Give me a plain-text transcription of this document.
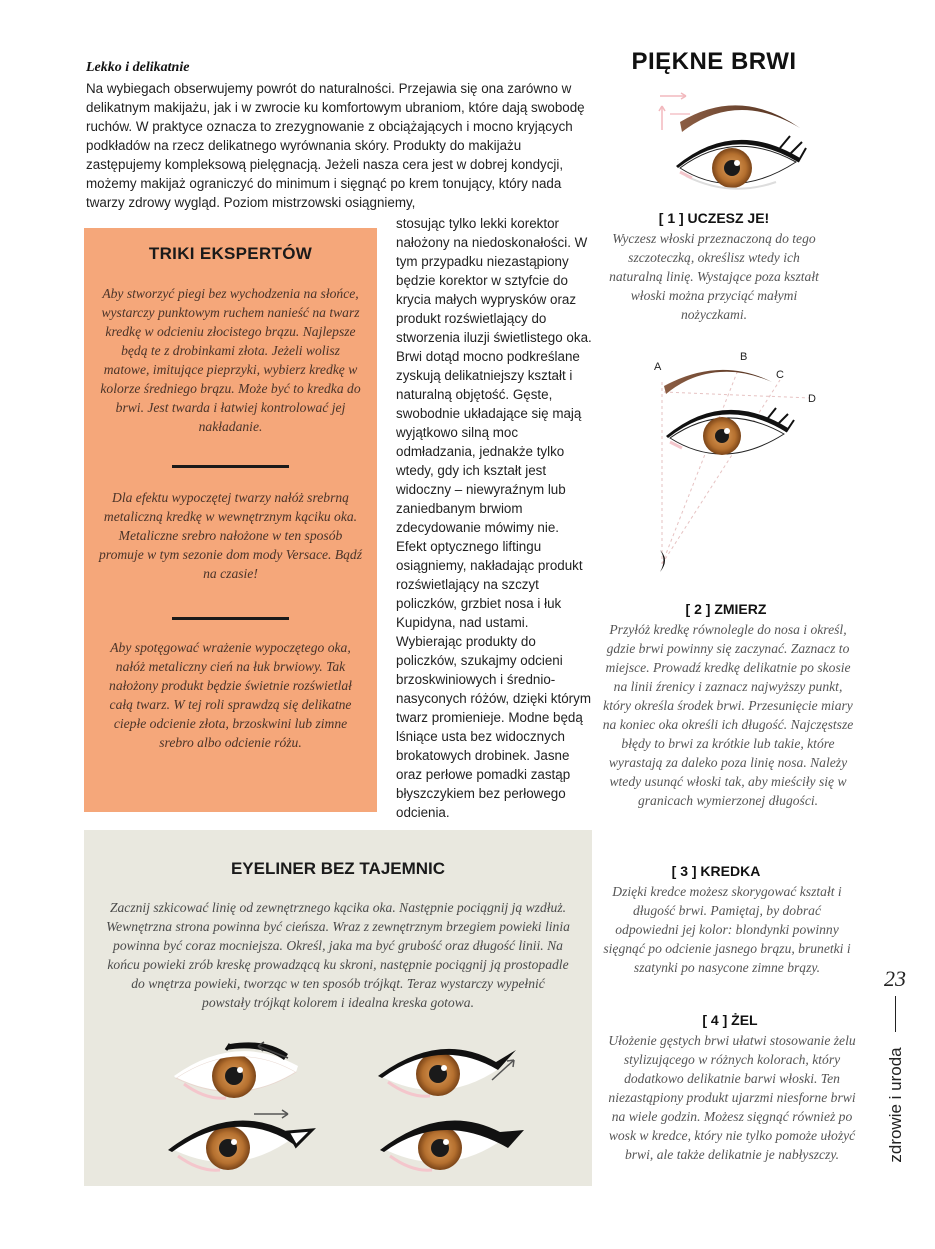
Lekko i delikatnie
Na wybiegach obserwujemy powrót do naturalności. Przejawia się ona zarówno w delikatnym makijażu, jak i w zwrocie ku komfortowym ubraniom, które dają swobodę ruchów. W praktyce oznacza to zrezygnowanie z obciążających i mocno kryjących podkładów na rzecz delikatnego wyrównania skóry. Produkty do makijażu zastępujemy kompleksową pielęgnacją. Jeżeli nasza cera jest w dobrej kondycji, możemy makijaż ograniczyć do minimum i sięgnąć po krem tonujący, który nada twarzy zdrowy wygląd. Poziom mistrzowski osiągniemy,
stosując tylko lekki korektor nałożony na niedoskonałości. W tym przypadku niezastąpiony będzie korektor w sztyfcie do krycia małych wyprysków oraz produkt rozświetlający do stworzenia iluzji świetlistego oka. Brwi dotąd mocno podkreślane zyskują delikatniejszy kształt i naturalną objętość. Gęste, swobodnie układające się mają wyjątkowo silną moc odmładzania, jednakże tylko wtedy, gdy ich kształt jest widoczny – niewyraźnym lub zaniedbanym brwiom zdecydowanie mówimy nie. Efekt optycznego liftingu osiągniemy, nakładając produkt rozświetlający na szczyt policzków, grzbiet nosa i łuk Kupidyna, nad ustami. Wybierając produkty do policzków, szukajmy odcieni brzoskwiniowych i średnionasyconych różów, dzięki którym twarz promienieje. Modne będą lśniące usta bez widocznych brokatowych drobinek. Jasne oraz perłowe pomadki zastąp błyszczykiem bez perłowego odcienia.
TRIKI EKSPERTÓW
Aby stworzyć piegi bez wychodzenia na słońce, wystarczy punktowym ruchem nanieść na twarz kredkę w odcieniu złocistego brązu. Najlepsze będą te z drobinkami złota. Jeżeli wolisz matowe, imitujące pieprzyki, wybierz kredkę w kolorze średniego brązu. Może być to kredka do brwi. Jest twarda i łatwiej kontrolować jej nakładanie.
Dla efektu wypoczętej twarzy nałóż srebrną metaliczną kredkę w wewnętrznym kąciku oka. Metaliczne srebro nałożone w ten sposób promuje w tym sezonie dom mody Versace. Bądź na czasie!
Aby spotęgować wrażenie wypoczętego oka, nałóż metaliczny cień na łuk brwiowy. Tak nałożony produkt będzie świetnie rozświetlał całą twarz. W tej roli sprawdzą się delikatne ciepłe odcienie złota, brzoskwini lub zimne srebro albo odcienie różu.
EYELINER BEZ TAJEMNIC
Zacznij szkicować linię od zewnętrznego kącika oka. Następnie pociągnij ją wzdłuż. Wewnętrzna strona powinna być cieńsza. Wraz z zewnętrznym brzegiem powieki linia powinna być coraz mocniejsza. Określ, jaka ma być grubość oraz długość linii. Na końcu powieki zrób kreskę prowadzącą ku skroni, następnie pociągnij ją prostopadle do wnętrza powieki, tworząc w ten sposób trójkąt. Teraz wystarczy wypełnić powstały trójkąt kolorem i idealna kreska gotowa.
PIĘKNE BRWI
[ 1 ] UCZESZ JE!
Wyczesz włoski przeznaczoną do tego szczoteczką, określisz wtedy ich naturalną linię. Wystające poza kształt włoski można przyciąć małymi nożyczkami.
A
B
C
D
[ 2 ] ZMIERZ
Przyłóż kredkę równolegle do nosa i określ, gdzie brwi powinny się zaczynać. Zaznacz to miejsce. Prowadź kredkę delikatnie po skosie na linii źrenicy i zaznacz najwyższy punkt, który określa środek brwi. Przesunięcie miary na koniec oka określi ich długość. Najczęstsze błędy to brwi za krótkie lub takie, które wyrastają za daleko poza linię nosa. Należy wtedy usunąć włoski tak, aby mieściły się w granicach wymierzonej długości.
[ 3 ] KREDKA
Dzięki kredce możesz skorygować kształt i długość brwi. Pamiętaj, by dobrać odpowiedni jej kolor: blondynki powinny sięgnąć po odcienie jasnego brązu, brunetki i szatynki po nasycone zimne brązy.
[ 4 ] ŻEL
Ułożenie gęstych brwi ułatwi stosowanie żelu stylizującego w różnych kolorach, który dodatkowo delikatnie barwi włoski. Ten niezastąpiony produkt ujarzmi niesforne brwi na wiele godzin. Możesz sięgnąć również po wosk w kredce, który nie tylko pomoże ułożyć brwi, ale także delikatnie je nabłyszczy.
23
zdrowie i uroda
